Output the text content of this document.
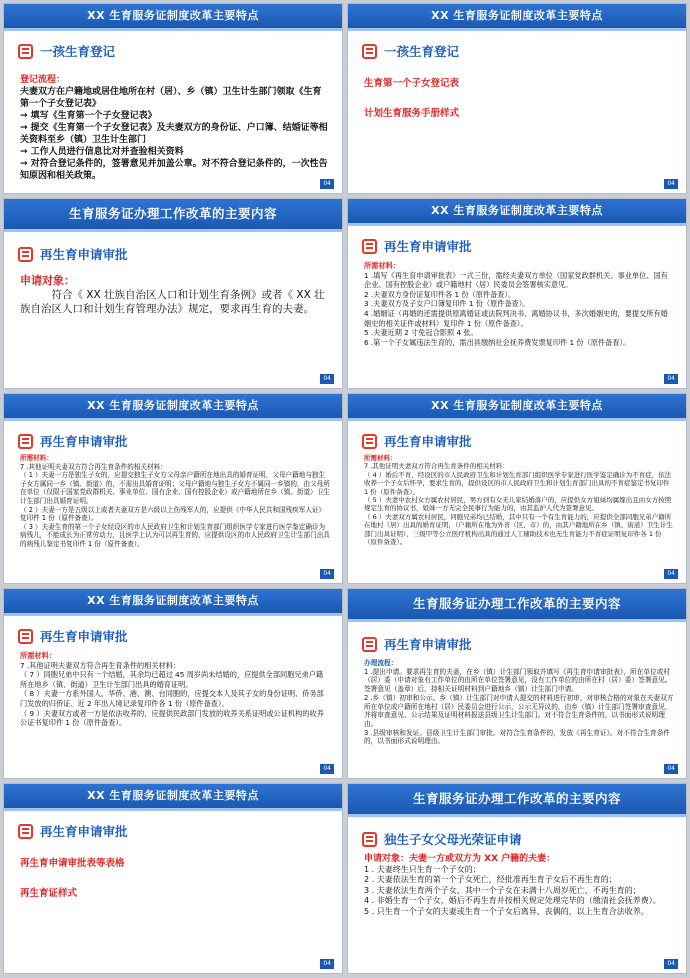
XX 生育服务证制度改革主要特点
一孩生育登记

登记流程：

夫妻双方在户籍地或居住地所在村（居）、乡（镇）卫生计生部门领取《生育第一个子女登记表》

→ 填写《生育第一个子女登记表》

→ 提交《生育第一个子女登记表》及夫妻双方的身份证、户口簿、结婚证等相关资料至乡（镇）卫生计生部门

→ 工作人员进行信息比对并查验相关资料

→ 对符合登记条件的，签署意见并加盖公章。对不符合登记条件的，一次性告知原因和相关政策。

04
XX 生育服务证制度改革主要特点
一孩生育登记

生育第一个子女登记表

计划生育服务手册样式

04
生育服务证办理工作改革的主要内容
再生育申请审批

申请对象：

符合《 XX 壮族自治区人口和计划生育条例》或者《 XX 壮族自治区人口和计划生育管理办法》规定，要求再生育的夫妻。

04
XX 生育服务证制度改革主要特点
再生育申请审批

所需材料：

1 .填写《再生育申请审批表》一式三份，需经夫妻双方单位（国家党政群机关、事业单位、国有企业、国有控股企业）或户籍地村（居）民委员会签署核实意见。

2 .夫妻双方身份证复印件各 1 份（原件备查）。

3 .夫妻双方及子女户口簿复印件 1 份（原件备查）。

4 .婚姻证（再婚的还需提供原离婚证或法院判决书、离婚协议书，多次婚姻史的，要提交所有婚姻史的相关证件或材料）复印件 1 份（原件备查）。

5 .夫妻近期 2 寸免冠合影照 4 张。

6 .第一个子女属违法生育的，需出具缴纳社会抚养费发票复印件 1 份（原件备查）。

04
XX 生育服务证制度改革主要特点
再生育申请审批

所需材料：

7 .其他证明夫妻双方符合再生育条件的相关材料：

（ 1 ）夫妻一方是独生子女的，应提交独生子女方父母亲户籍所在地出具的婚育证明，父母户籍地与独生子女方属同一乡（镇、街道）的，不需出具婚育证明；父母户籍地与独生子女方不属同一乡镇的，由父母所在单位（仅限于国家党政群机关、事业单位、国有企业、国有控股企业）或户籍地所在乡（镇、街道）卫生计生部门出具婚育证明。

（ 2 ）夫妻一方是五级以上或者夫妻双方是六级以上伤残军人的，应提供《中华人民共和国残疾军人证》复印件 1 份（原件备查）。

（ 3 ）夫妻生育的第一个子女经设区的市人民政府卫生和计划生育部门组织医学专家进行医学鉴定确诊为病残儿，不能成长为正常劳动力，且医学上认为可以再生育的，应提供设区的市人民政府卫生计生部门出具的病残儿鉴定书复印件 1 份（原件备查）。

04
XX 生育服务证制度改革主要特点
再生育申请审批

所需材料：

7 .其他证明夫妻双方符合再生育条件的相关材料：

（ 4 ）婚后不育，经设区的市人民政府卫生和计划生育部门组织医学专家进行医学鉴定确诊为不育症，依法收养一个子女后怀孕，要求生育的，提供设区的市人民政府卫生和计划生育部门出具的不育症鉴定书复印件 1 份（原件备查）。

（ 5 ）夫妻中农村女方属农村居民，男方到有女无儿家结婚落户的，应提供女方姐妹均属嫁出且由女方按照规定生育的协议书，姐妹一方无完全民事行为能力的，由其监护人代为签署意见。

（ 6 ）夫妻双方属农村居民，同胞兄弟均已结婚，其中只有一个有生育能力的，应提供全部同胞兄弟户籍所在地村（居）出具的婚育证明，（户籍所在地为外省（区、市）的，由其户籍地所在乡（镇、街道）卫生计生部门出具证明）、三级甲等公立医疗机构出具的通过人工辅助技术也无生育能力不育症证明复印件各 1 份（原件备查）。

04
XX 生育服务证制度改革主要特点
再生育申请审批

所需材料：

7 .其他证明夫妻双方符合再生育条件的相关材料：

（ 7 ）同胞兄弟中只有一个结婚，其余均已超过 45 周岁尚未结婚的，应提供全部同胞兄弟户籍所在地乡（镇、街道）卫生计生部门出具的婚育证明。

（ 8 ）夫妻一方系外国人、华侨、港、澳、台同胞的，应提交本人及其子女的身份证明、侨务部门发放的归侨证、近 2 年出入境记录复印件各 1 份（原件备查）。

（ 9 ）夫妻双方或者一方是依法收养的，应提供民政部门发放的收养关系证明或公证机构的收养公证书复印件 1 份（原件备查）。

04
生育服务证办理工作改革的主要内容
再生育申请审批

办理流程：

1 .提出申请。要求再生育的夫妻，在乡（镇）计生部门领取并填写《再生育申请审批表》，所在单位或村（居）委（申请对象有工作单位的由所在单位签署意见，没有工作单位的由所在村（居）委）签署意见。签署意见（盖章）后，持相关证明材料到户籍地乡（镇）计生部门申请。

2 .乡（镇）初审和公示。乡（镇）计生部门对申请人提交的材料进行初审，对审核合格的对象在夫妻双方所在单位或户籍所在地村（居）民委员会进行公示，公示无异议的，由乡（镇）计生部门签署审查意见，并将审查意见、公示结果及证明材料报送县级卫生计生部门。对不符合生育条件的，以书面形式说明理由。

3 .县级审核和发证。县级卫生计生部门审批。对符合生育条件的，发放《再生育证》。对不符合生育条件的，以书面形式说明理由。

04
XX 生育服务证制度改革主要特点
再生育申请审批

再生育申请审批表等表格

再生育证样式

04
生育服务证办理工作改革的主要内容
独生子女父母光荣证申请

申请对象：夫妻一方或双方为 XX 户籍的夫妻：

1 . 夫妻终生只生育一个子女的；

2 . 夫妻依法生育的第一个子女死亡，经批准再生育子女后不再生育的；

3 . 夫妻依法生育两个子女，其中一个子女在未满十八周岁死亡，不再生育的；

4 . 非婚生育一个子女，婚后不再生育并按相关规定处理完毕的（缴清社会抚养费）。

5 . 只生育一个子女的夫妻或生育一个子女后离异、丧偶的，以上生育合法收养。

04
